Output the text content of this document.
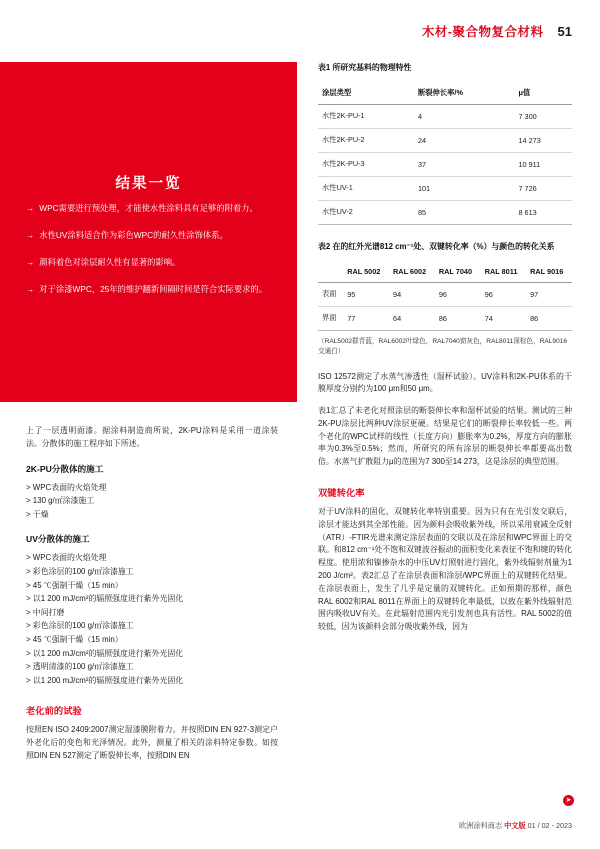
木材-聚合物复合材料 51
结果一览
→ WPC需要进行预处理，才能使水性涂料具有足够的附着力。
→ 水性UV涂料适合作为彩色WPC的耐久性涂饰体系。
→ 颜料着色对涂层耐久性有显著的影响。
→ 对于涂漆WPC，25年的维护翻新间隔时间是符合实际要求的。

上了一层透明面漆。据涂料制造商所说，2K-PU涂料是采用一道涂装法。分散体的施工程序如下所述。

2K-PU分散体的施工

> WPC表面的火焰处理

> 130 g/㎡涂漆施工

> 干燥

UV分散体的施工

> WPC表面的火焰处理

> 彩色涂层的100 g/㎡涂漆施工

> 45 ℃强制干燥（15 min）

> 以1 200 mJ/cm²的辐照强度进行紫外光固化

> 中间打磨

> 彩色涂层的100 g/㎡涂漆施工

> 45 ℃强制干燥（15 min）

> 以1 200 mJ/cm²的辐照强度进行紫外光固化

> 透明清漆的100 g/㎡涂漆施工

> 以1 200 mJ/cm²的辐照强度进行紫外光固化

老化前的试验

按照EN ISO 2409:2007测定湿漆膜附着力。并按照DIN EN 927-3测定户外老化后的变色和光泽情况。此外，测量了相关的涂料特定参数。如按照DIN EN 527测定了断裂伸长率，按照DIN EN

表1 所研究基料的物理特性
涂层类型	断裂伸长率/%	μ值
水性2K-PU-1	4	7 300
水性2K-PU-2	24	14 273
水性2K-PU-3	37	10 911
水性UV-1	101	7 726
水性UV-2	85	8 613
表2 在的红外光谱812 cm⁻¹处、双键转化率（%）与颜色的转化关系
	RAL 5002	RAL 6002	RAL 7040	RAL 8011	RAL 9016
表面	95	94	96	96	97
界面	77	64	86	74	86

（RAL5002群青蓝，RAL6002叶绿色，RAL7040窗灰色，RAL8011深棕色，RAL9016交通白）

ISO 12572测定了水蒸气渗透性（湿杯试验）。UV涂料和2K-PU体系的干膜厚度分别约为100 μm和50 μm。

表1汇总了未老化对照涂层的断裂伸长率和湿杯试验的结果。测试的三种2K-PU涂层比两种UV涂层更硬。结果是它们的断裂伸长率较低一些。两个老化的WPC试样的线性（长度方向）膨胀率为0.2%，厚度方向的膨胀率为0.3%至0.5%；然而，所研究的所有涂层的断裂伸长率都要高出数倍。水蒸气扩散阻力μ的范围为7 300至14 273，这是涂层的典型范围。

双键转化率

对于UV涂料的固化，双键转化率特别重要。因为只有在光引发交联后，涂层才能达到其全部性能。因为颜料会吸收紫外线，所以采用衰减全反射（ATR）-FTIR光谱来测定涂层表面的交联以及在涂层和WPC界面上的交联。和812 cm⁻¹处不饱和双键波谷振动的面积变化来表征不饱和键的转化程度。使用浓和镍掺杂水的中压UV灯照射进行固化，紫外线辐射剂量为1 200 J/cm²。表2汇总了在涂层表面和涂层/WPC界面上的双键转化结果。在涂层表面上，发生了几乎是定量的双键转化。正如预期的那样，颜色RAL 6002和RAL 8011在界面上的双键转化率最低，以致在紫外线辐射范围内吸收UV有关。在此辐射范围内光引发剂也具有活性。RAL 5002的值较低，因为该颜料会部分吸收紫外线，因为

➤
欧洲涂料商志 中文版 01 / 02 - 2023
